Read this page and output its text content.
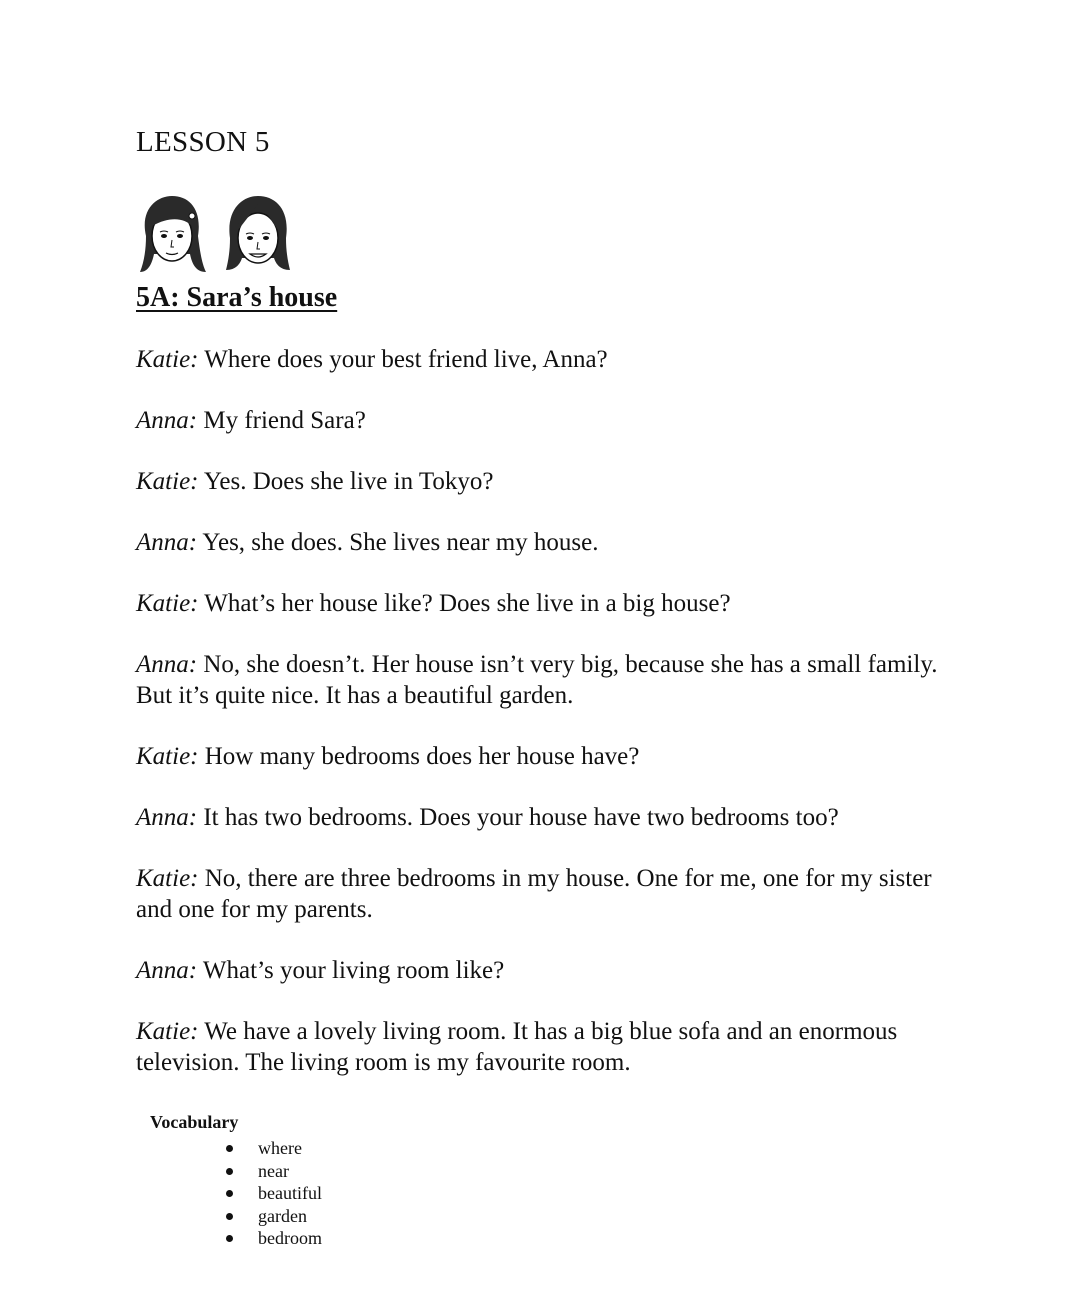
LESSON 5
5A: Sara’s house

Katie: Where does your best friend live, Anna?

Anna: My friend Sara?

Katie: Yes. Does she live in Tokyo?

Anna: Yes, she does. She lives near my house.

Katie: What’s her house like? Does she live in a big house?

Anna: No, she doesn’t. Her house isn’t very big, because she has a small family. But it’s quite nice. It has a beautiful garden.

Katie: How many bedrooms does her house have?

Anna: It has two bedrooms. Does your house have two bedrooms too?

Katie: No, there are three bedrooms in my house. One for me, one for my sister and one for my parents.

Anna: What’s your living room like?

Katie: We have a lovely living room. It has a big blue sofa and an enormous television. The living room is my favourite room.

Vocabulary

where
near
beautiful
garden
bedroom
